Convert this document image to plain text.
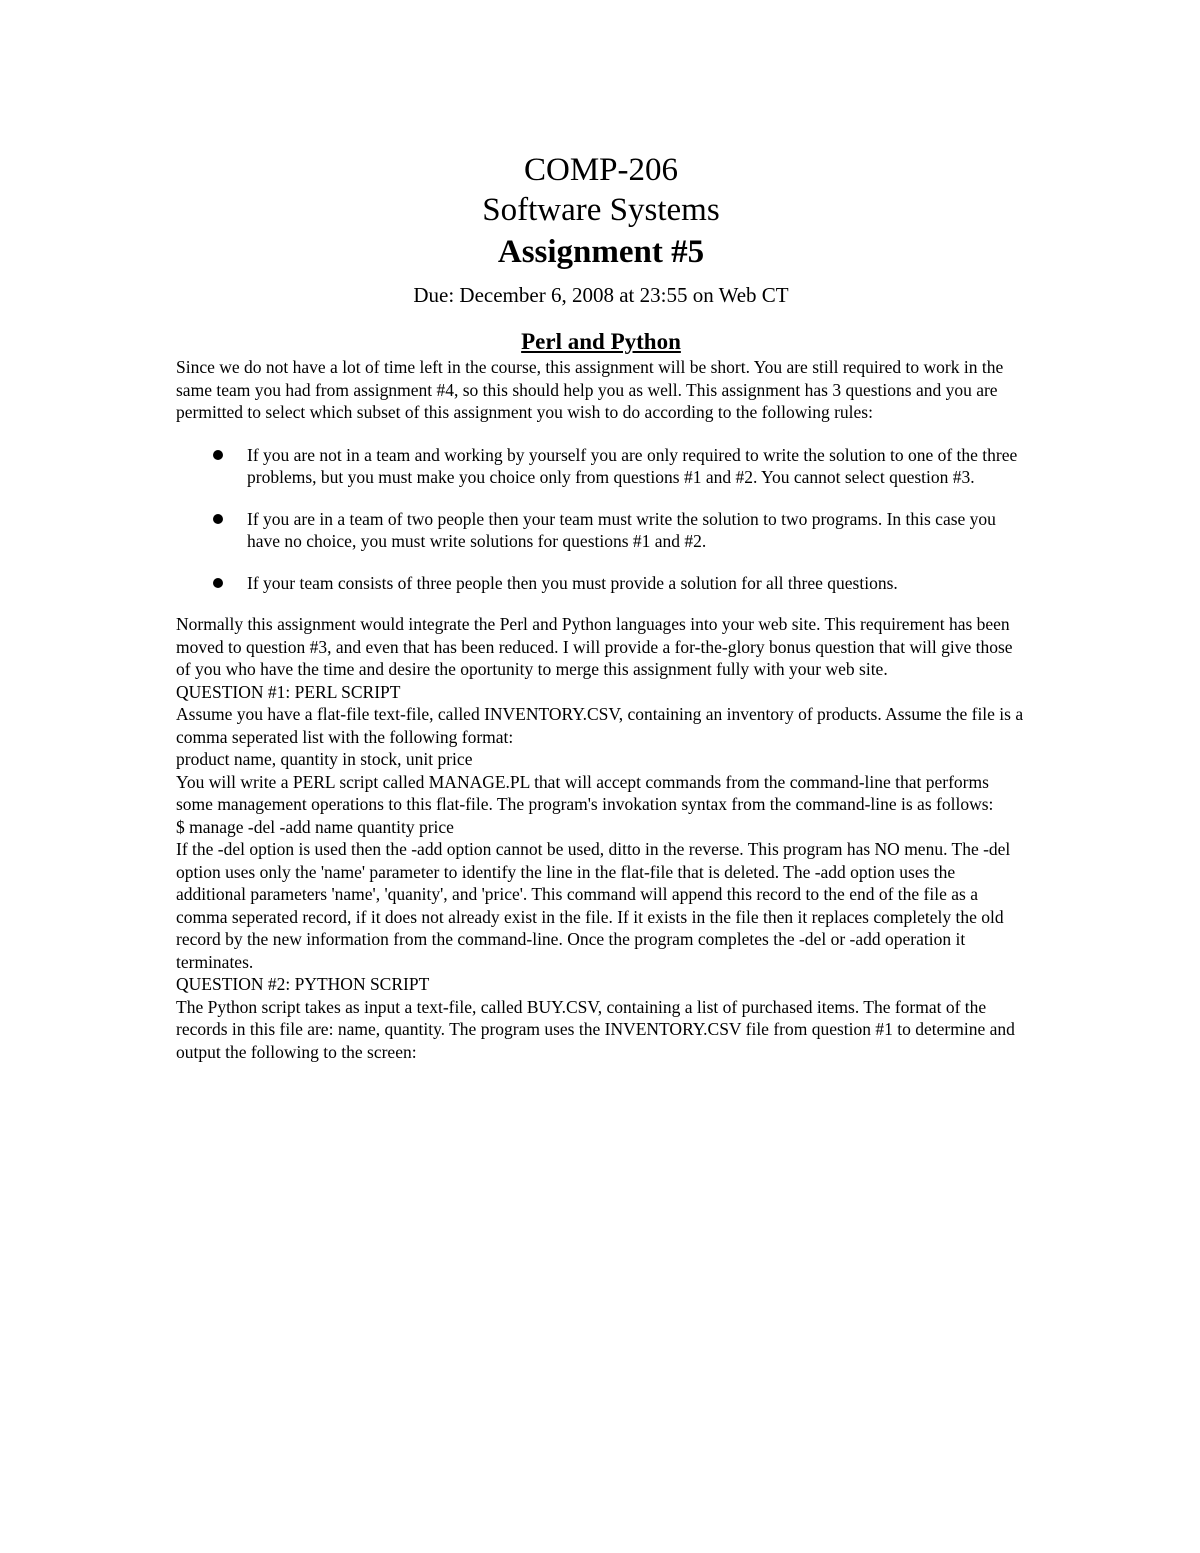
COMP-206
Software Systems
Assignment #5
Due: December 6, 2008 at 23:55 on Web CT
Perl and Python

Since we do not have a lot of time left in the course, this assignment will be short. You are still required to work in the same team you had from assignment #4, so this should help you as well. This assignment has 3 questions and you are permitted to select which subset of this assignment you wish to do according to the following rules:

If you are not in a team and working by yourself you are only required to write the solution to one of the three problems, but you must make you choice only from questions #1 and #2. You cannot select question #3.
If you are in a team of two people then your team must write the solution to two programs. In this case you have no choice, you must write solutions for questions #1 and #2.
If your team consists of three people then you must provide a solution for all three questions.

Normally this assignment would integrate the Perl and Python languages into your web site. This requirement has been moved to question #3, and even that has been reduced. I will provide a for-the-glory bonus question that will give those of you who have the time and desire the oportunity to merge this assignment fully with your web site.

QUESTION #1: PERL SCRIPT

Assume you have a flat-file text-file, called INVENTORY.CSV, containing an inventory of products. Assume the file is a comma seperated list with the following format:

product name, quantity in stock, unit price

You will write a PERL script called MANAGE.PL that will accept commands from the command-line that performs some management operations to this flat-file. The program's invokation syntax from the command-line is as follows:

$ manage -del -add name quantity price

If the -del option is used then the -add option cannot be used, ditto in the reverse. This program has NO menu. The -del option uses only the 'name' parameter to identify the line in the flat-file that is deleted. The -add option uses the additional parameters 'name', 'quanity', and 'price'. This command will append this record to the end of the file as a comma seperated record, if it does not already exist in the file. If it exists in the file then it replaces completely the old record by the new information from the command-line. Once the program completes the -del or -add operation it terminates.

QUESTION #2: PYTHON SCRIPT

The Python script takes as input a text-file, called BUY.CSV, containing a list of purchased items. The format of the records in this file are: name, quantity. The program uses the INVENTORY.CSV file from question #1 to determine and output the following to the screen:
